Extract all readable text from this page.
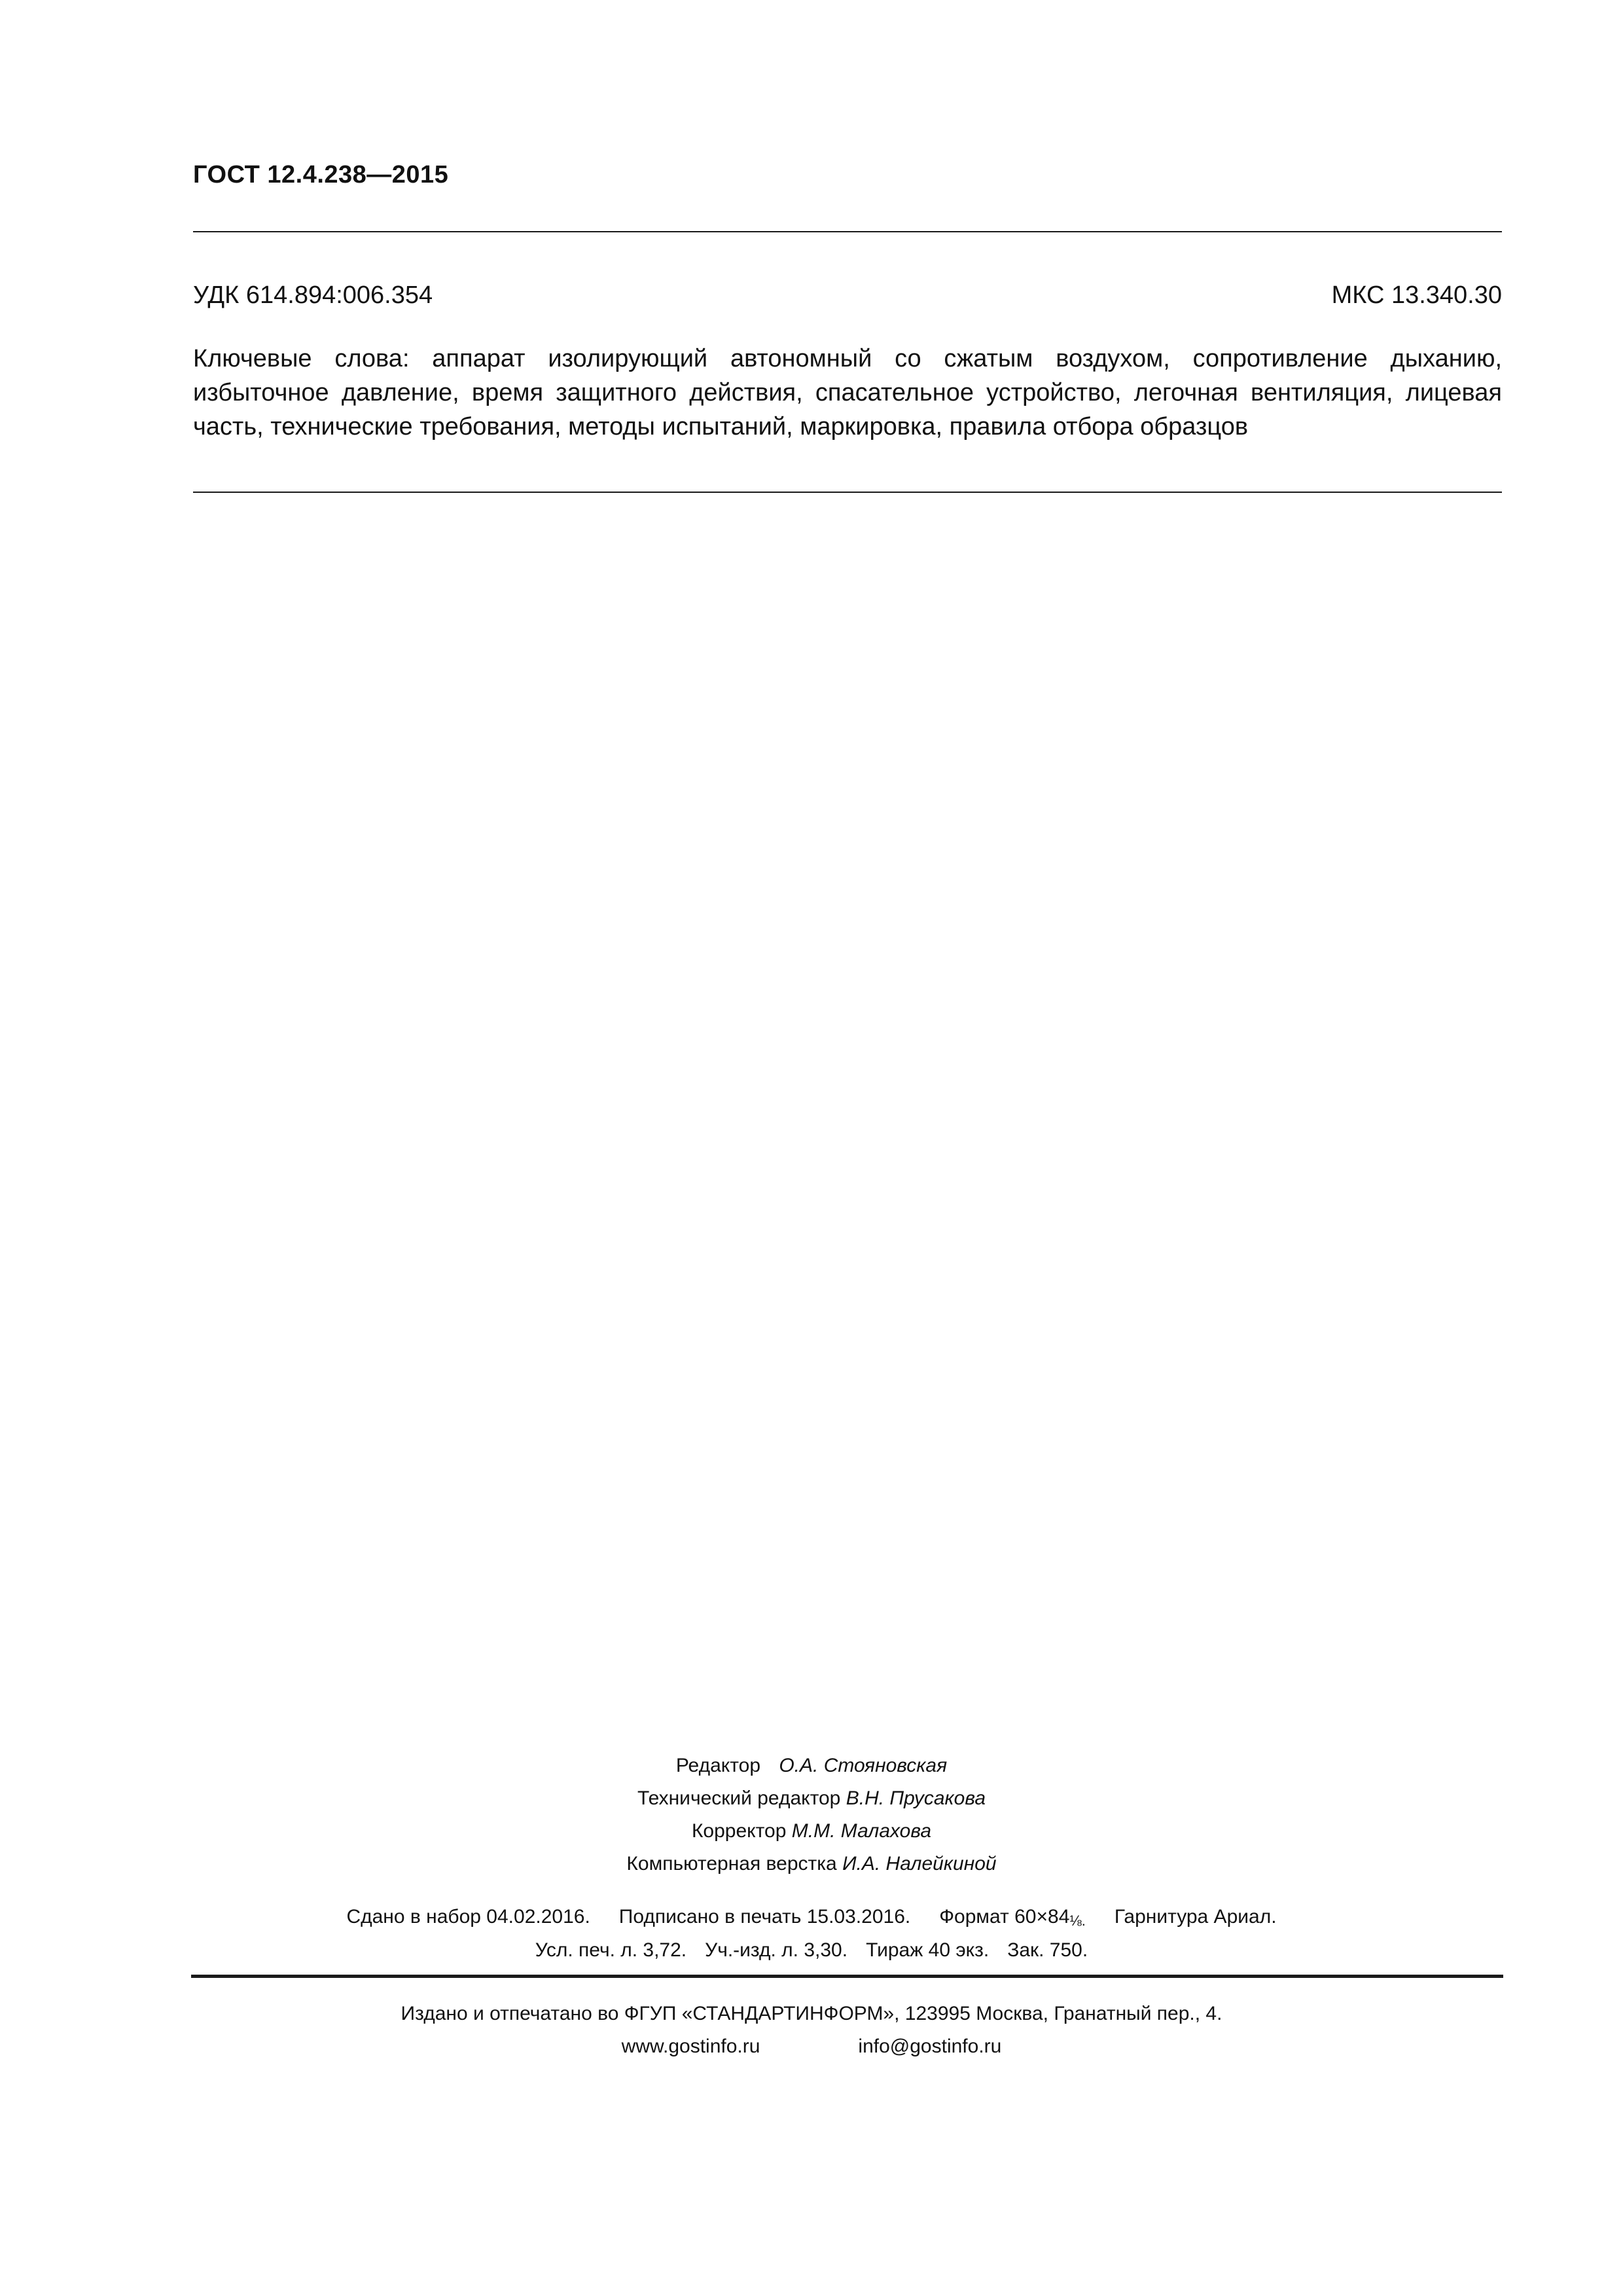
ГОСТ 12.4.238—2015
УДК 614.894:006.354	МКС 13.340.30
Ключевые слова: аппарат изолирующий автономный со сжатым воздухом, сопротивление дыханию, избыточное давление, время защитного действия, спасательное устройство, легочная вентиляция, лицевая часть, технические требования, методы испытаний, маркировка, правила отбора образцов
Редактор О.А. Стояновская
Технический редактор В.Н. Прусакова
Корректор М.М. Малахова
Компьютерная верстка И.А. Налейкиной
Сдано в набор 04.02.2016. Подписано в печать 15.03.2016. Формат 60×84⅛. Гарнитура Ариал.
Усл. печ. л. 3,72. Уч.-изд. л. 3,30. Тираж 40 экз. Зак. 750.
Издано и отпечатано во ФГУП «СТАНДАРТИНФОРМ», 123995 Москва, Гранатный пер., 4.
www.gostinfo.ru	info@gostinfo.ru
